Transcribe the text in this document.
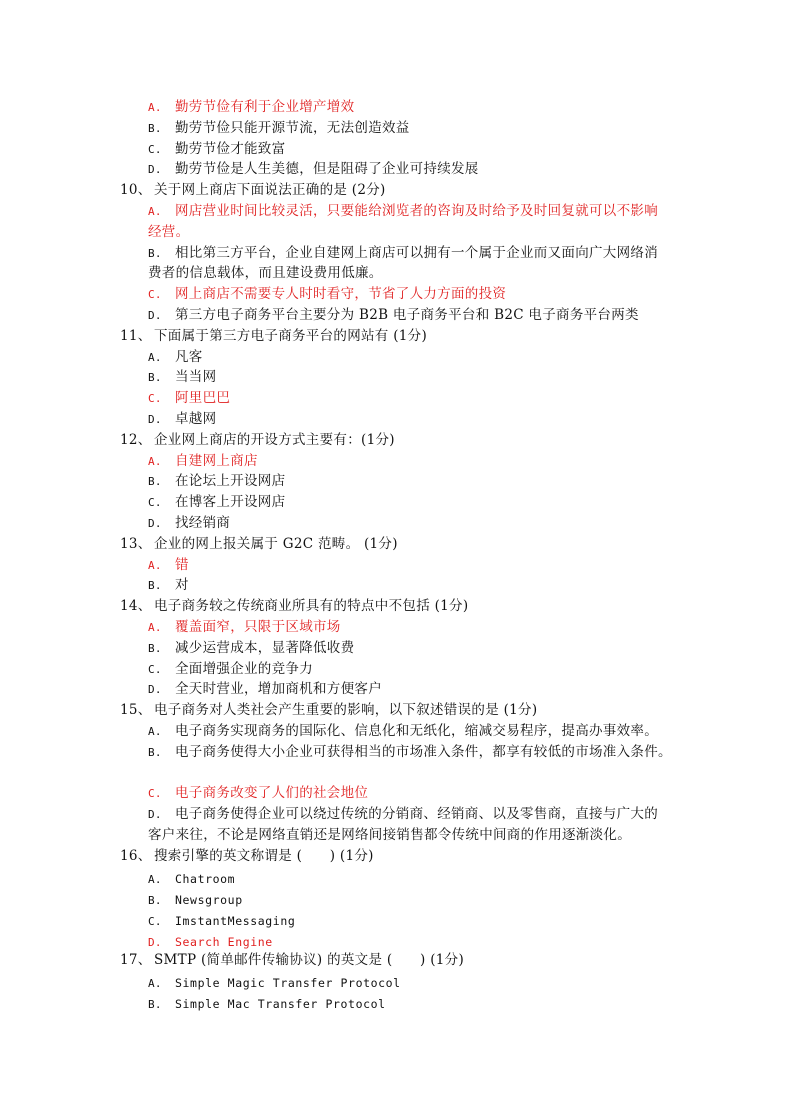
A. 勤劳节俭有利于企业增产增效
B. 勤劳节俭只能开源节流，无法创造效益
C. 勤劳节俭才能致富
D. 勤劳节俭是人生美德，但是阻碍了企业可持续发展
10、 关于网上商店下面说法正确的是 (2分)
A. 网店营业时间比较灵活，只要能给浏览者的咨询及时给予及时回复就可以不影响
经营。
B. 相比第三方平台，企业自建网上商店可以拥有一个属于企业而又面向广大网络消
费者的信息载体，而且建设费用低廉。
C. 网上商店不需要专人时时看守，节省了人力方面的投资
D. 第三方电子商务平台主要分为 B2B 电子商务平台和 B2C 电子商务平台两类
11、 下面属于第三方电子商务平台的网站有 (1分)
A. 凡客
B. 当当网
C. 阿里巴巴
D. 卓越网
12、 企业网上商店的开设方式主要有：(1分)
A. 自建网上商店
B. 在论坛上开设网店
C. 在博客上开设网店
D. 找经销商
13、 企业的网上报关属于 G2C 范畴。 (1分)
A. 错
B. 对
14、 电子商务较之传统商业所具有的特点中不包括 (1分)
A. 覆盖面窄，只限于区域市场
B. 减少运营成本，显著降低收费
C. 全面增强企业的竞争力
D. 全天时营业，增加商机和方便客户
15、 电子商务对人类社会产生重要的影响，以下叙述错误的是 (1分)
A. 电子商务实现商务的国际化、信息化和无纸化，缩减交易程序，提高办事效率。
B. 电子商务使得大小企业可获得相当的市场准入条件，都享有较低的市场准入条件。
C. 电子商务改变了人们的社会地位
D. 电子商务使得企业可以绕过传统的分销商、经销商、以及零售商，直接与广大的
客户来往，不论是网络直销还是网络间接销售都令传统中间商的作用逐渐淡化。
16、 搜索引擎的英文称谓是 (　　) (1分)
A. Chatroom
B. Newsgroup
C. ImstantMessaging
D. Search Engine
17、 SMTP (简单邮件传输协议) 的英文是 (　　) (1分)
A. Simple Magic Transfer Protocol
B. Simple Mac Transfer Protocol
